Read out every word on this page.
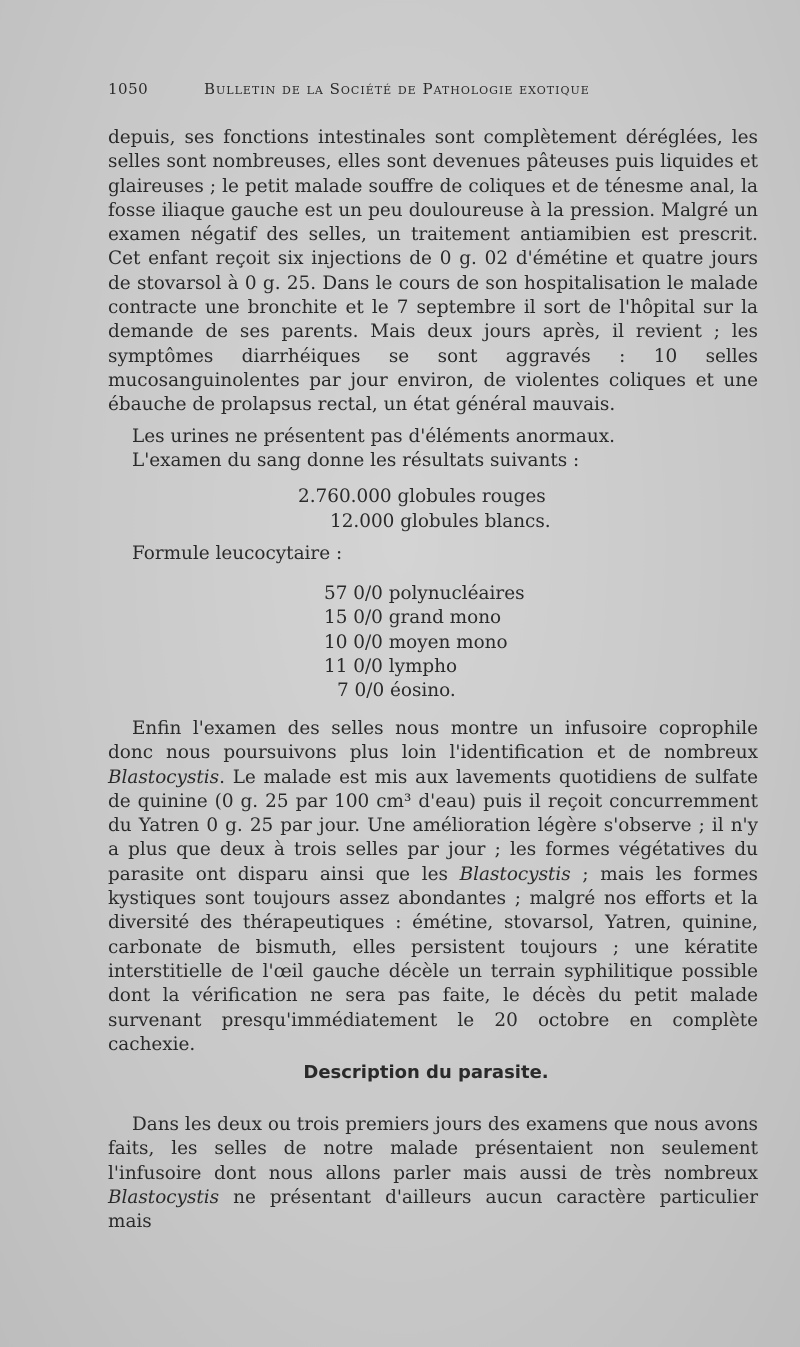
1050	Bulletin de la Société de Pathologie exotique

depuis, ses fonctions intestinales sont complètement déréglées, les selles sont nombreuses, elles sont devenues pâteuses puis liquides et glaireuses ; le petit malade souffre de coliques et de ténesme anal, la fosse iliaque gauche est un peu douloureuse à la pression. Malgré un examen négatif des selles, un traitement antiamibien est prescrit. Cet enfant reçoit six injections de 0 g. 02 d'émétine et quatre jours de stovarsol à 0 g. 25. Dans le cours de son hospitalisation le malade contracte une bronchite et le 7 septembre il sort de l'hôpital sur la demande de ses parents. Mais deux jours après, il revient ; les symptômes diarrhéiques se sont aggravés : 10 selles mucosanguinolentes par jour environ, de violentes coliques et une ébauche de prolapsus rectal, un état général mauvais.

Les urines ne présentent pas d'éléments anormaux.

L'examen du sang donne les résultats suivants :

2.760.000 globules rouges
12.000 globules blancs.
Formule leucocytaire :
57 0/0 polynucléaires
15 0/0 grand mono
10 0/0 moyen mono
11 0/0 lympho
7 0/0 éosino.

Enfin l'examen des selles nous montre un infusoire coprophile donc nous poursuivons plus loin l'identification et de nombreux Blastocystis. Le malade est mis aux lavements quotidiens de sulfate de quinine (0 g. 25 par 100 cm³ d'eau) puis il reçoit concurremment du Yatren 0 g. 25 par jour. Une amélioration légère s'observe ; il n'y a plus que deux à trois selles par jour ; les formes végétatives du parasite ont disparu ainsi que les Blastocystis ; mais les formes kystiques sont toujours assez abondantes ; malgré nos efforts et la diversité des thérapeutiques : émétine, stovarsol, Yatren, quinine, carbonate de bismuth, elles persistent toujours ; une kératite interstitielle de l'œil gauche décèle un terrain syphilitique possible dont la vérification ne sera pas faite, le décès du petit malade survenant presqu'immédiatement le 20 octobre en complète cachexie.

Description du parasite.

Dans les deux ou trois premiers jours des examens que nous avons faits, les selles de notre malade présentaient non seulement l'infusoire dont nous allons parler mais aussi de très nombreux Blastocystis ne présentant d'ailleurs aucun caractère particulier mais
